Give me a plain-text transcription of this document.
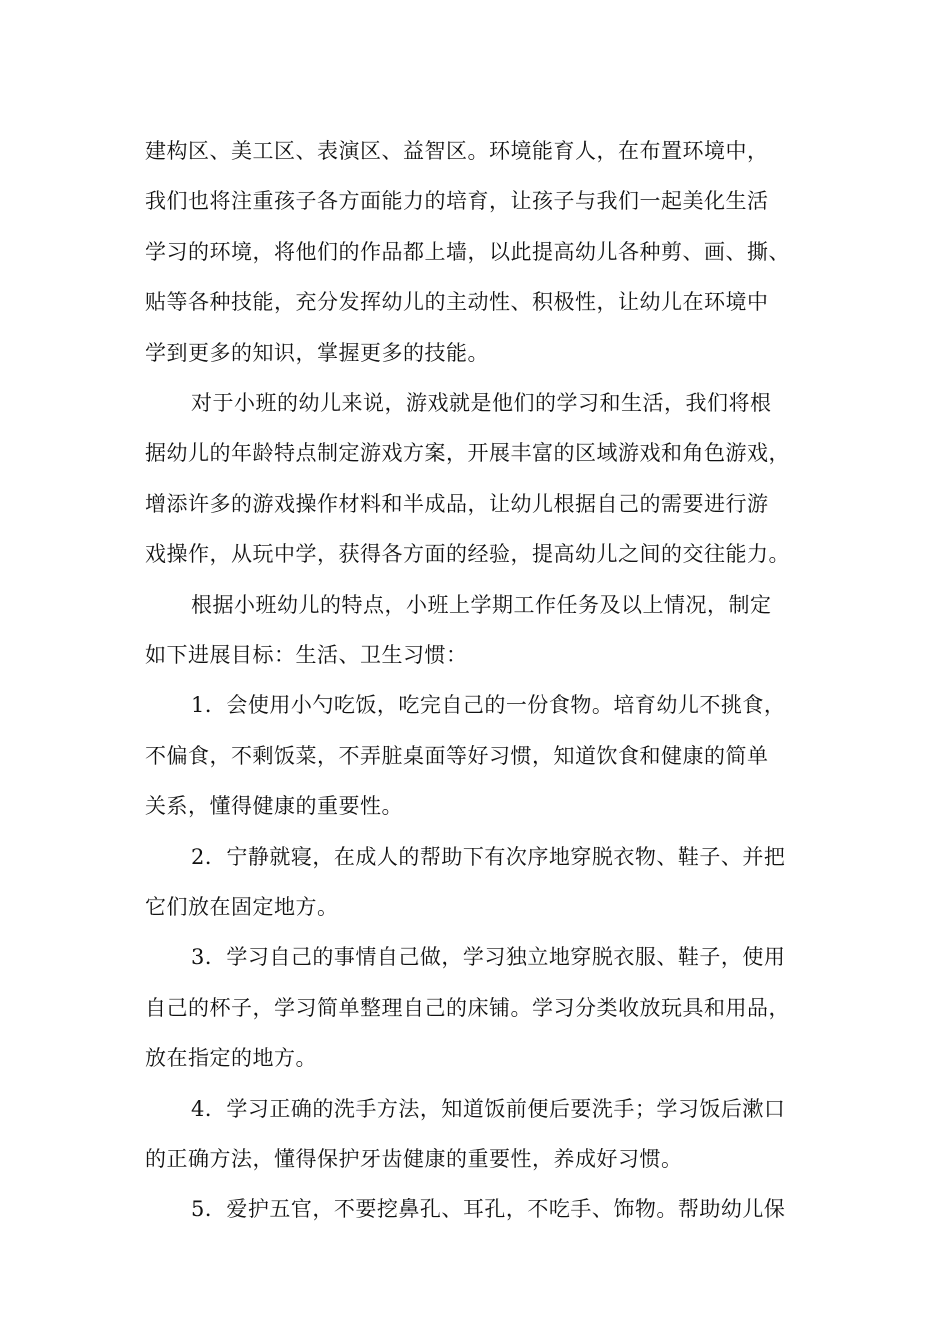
建构区、美工区、表演区、益智区。环境能育人，在布置环境中，
我们也将注重孩子各方面能力的培育，让孩子与我们一起美化生活
学习的环境，将他们的作品都上墙，以此提高幼儿各种剪、画、撕、
贴等各种技能，充分发挥幼儿的主动性、积极性，让幼儿在环境中
学到更多的知识，掌握更多的技能。
对于小班的幼儿来说，游戏就是他们的学习和生活，我们将根
据幼儿的年龄特点制定游戏方案，开展丰富的区域游戏和角色游戏，
增添许多的游戏操作材料和半成品，让幼儿根据自己的需要进行游
戏操作，从玩中学，获得各方面的经验，提高幼儿之间的交往能力。
根据小班幼儿的特点，小班上学期工作任务及以上情况，制定
如下进展目标：生活、卫生习惯：
1．会使用小勺吃饭，吃完自己的一份食物。培育幼儿不挑食，
不偏食，不剩饭菜，不弄脏桌面等好习惯，知道饮食和健康的简单
关系，懂得健康的重要性。
2．宁静就寝，在成人的帮助下有次序地穿脱衣物、鞋子、并把
它们放在固定地方。
3．学习自己的事情自己做，学习独立地穿脱衣服、鞋子，使用
自己的杯子，学习简单整理自己的床铺。学习分类收放玩具和用品，
放在指定的地方。
4．学习正确的洗手方法，知道饭前便后要洗手；学习饭后漱口
的正确方法，懂得保护牙齿健康的重要性，养成好习惯。
5．爱护五官，不要挖鼻孔、耳孔，不吃手、饰物。帮助幼儿保
